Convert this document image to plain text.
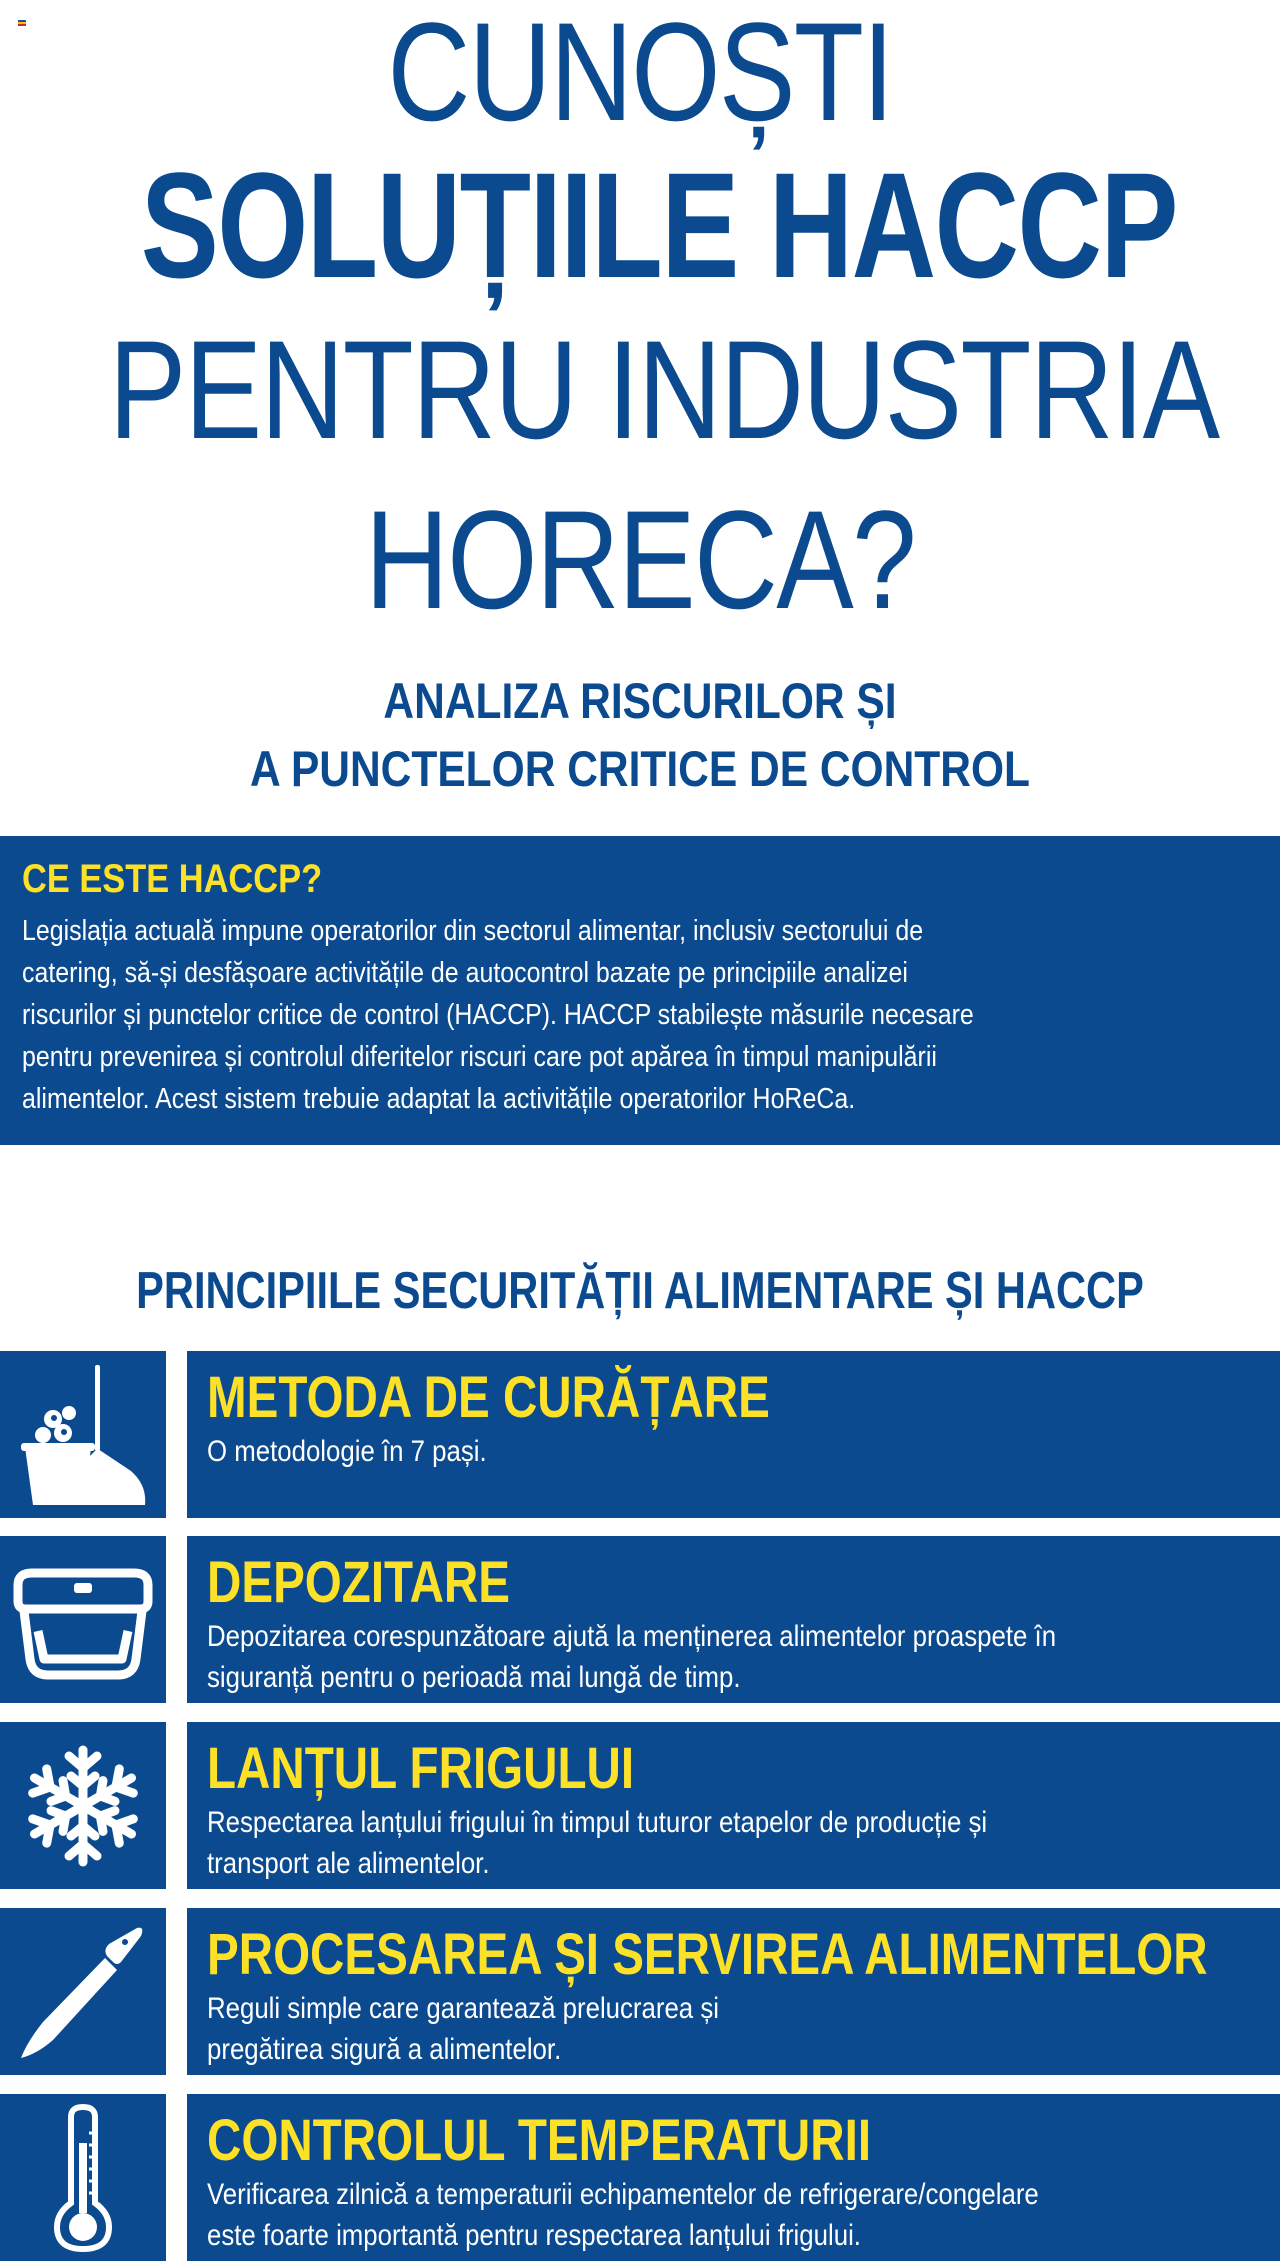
CUNOȘTI
SOLUȚIILE HACCP
PENTRU INDUSTRIA
HORECA?
ANALIZA RISCURILOR ȘI
A PUNCTELOR CRITICE DE CONTROL
CE ESTE HACCP?
Legislația actuală impune operatorilor din sectorul alimentar, inclusiv sectorului de
catering, să-și desfășoare activitățile de autocontrol bazate pe principiile analizei
riscurilor și punctelor critice de control (HACCP). HACCP stabilește măsurile necesare
pentru prevenirea și controlul diferitelor riscuri care pot apărea în timpul manipulării
alimentelor. Acest sistem trebuie adaptat la activitățile operatorilor HoReCa.
PRINCIPIILE SECURITĂȚII ALIMENTARE ȘI HACCP
METODA DE CURĂȚARE
O metodologie în 7 pași.
DEPOZITARE
Depozitarea corespunzătoare ajută la menținerea alimentelor proaspete în
siguranță pentru o perioadă mai lungă de timp.
LANȚUL FRIGULUI
Respectarea lanțului frigului în timpul tuturor etapelor de producție și
transport ale alimentelor.
PROCESAREA ȘI SERVIREA ALIMENTELOR
Reguli simple care garantează prelucrarea și
pregătirea sigură a alimentelor.
CONTROLUL TEMPERATURII
Verificarea zilnică a temperaturii echipamentelor de refrigerare/congelare
este foarte importantă pentru respectarea lanțului frigului.
